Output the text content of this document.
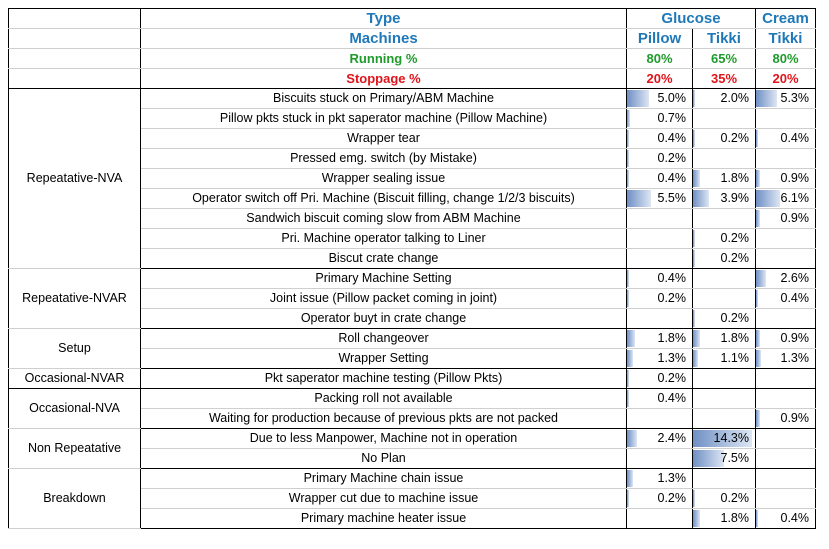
	Type	Glucose		Cream
	Machines	Pillow	Tikki	Tikki
	Running %	80%	65%	80%
	Stoppage %	20%	35%	20%
Repeatative-NVA	Biscuits stuck on Primary/ABM Machine	5.0%	2.0%	5.3%

	Pillow pkts stuck in pkt saperator machine (Pillow Machine)	0.7%		

	Wrapper tear	0.4%	0.2%	0.4%

	Pressed emg. switch (by Mistake)	0.2%		

	Wrapper sealing issue	0.4%	1.8%	0.9%

	Operator switch off Pri. Machine (Biscuit filling, change 1/2/3 biscuits)	5.5%	3.9%	6.1%

	Sandwich biscuit coming slow from ABM Machine			0.9%

	Pri. Machine operator talking to Liner		0.2%	

	Biscut crate change		0.2%	

Repeatative-NVAR	Primary Machine Setting	0.4%		2.6%

	Joint issue (Pillow packet coming in joint)	0.2%		0.4%

	Operator buyt in crate change		0.2%	

Setup	Roll changeover	1.8%	1.8%	0.9%

	Wrapper Setting	1.3%	1.1%	1.3%

Occasional-NVAR	Pkt saperator machine testing (Pillow Pkts)	0.2%		

Occasional-NVA	Packing roll not available	0.4%		

	Waiting for production because of previous pkts are not packed			0.9%

Non Repeatative	Due to less Manpower, Machine not in operation	2.4%	14.3%	

	No Plan		7.5%	

Breakdown	Primary Machine chain issue	1.3%		

	Wrapper cut due to machine issue	0.2%	0.2%	

	Primary machine heater issue		1.8%	0.4%
